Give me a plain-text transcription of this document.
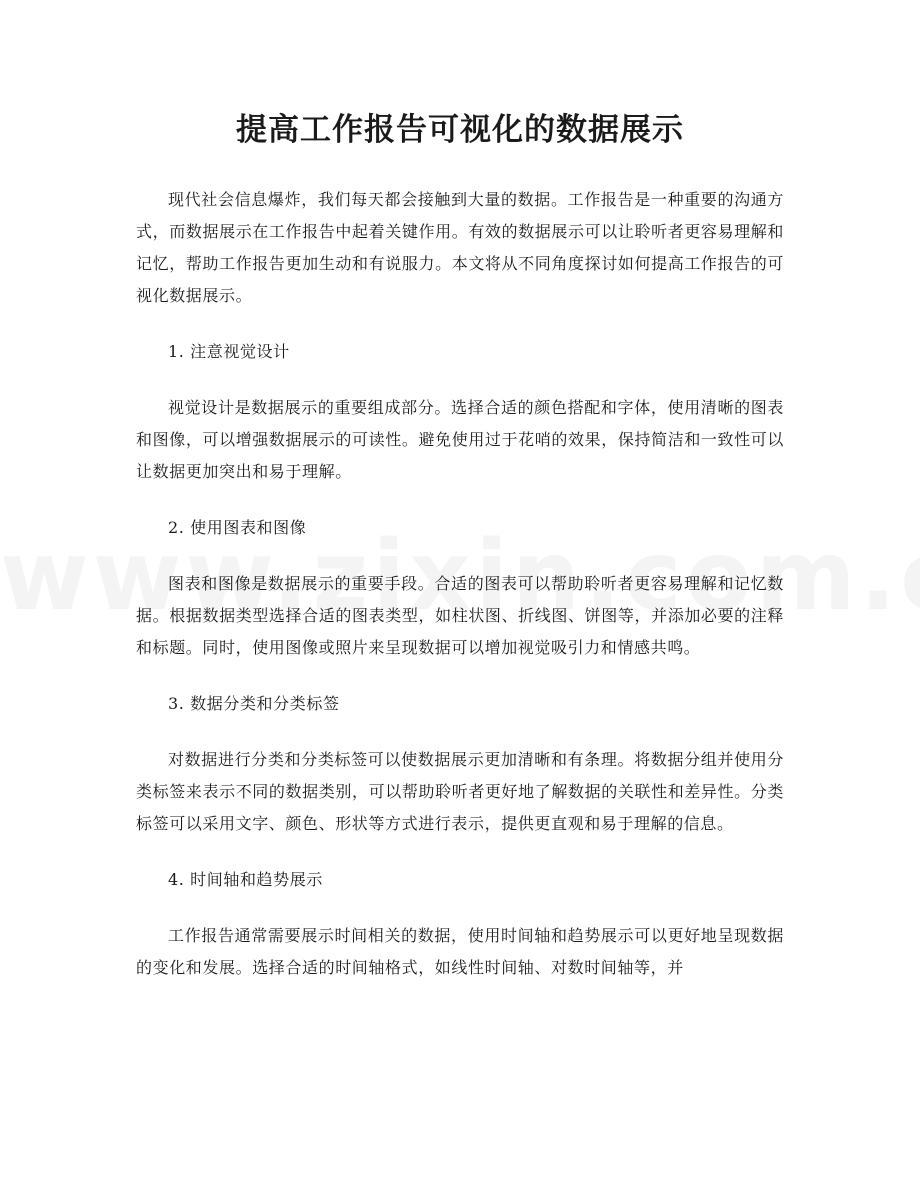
提高工作报告可视化的数据展示

现代社会信息爆炸，我们每天都会接触到大量的数据。工作报告是一种重要的沟通方式，而数据展示在工作报告中起着关键作用。有效的数据展示可以让聆听者更容易理解和记忆，帮助工作报告更加生动和有说服力。本文将从不同角度探讨如何提高工作报告的可视化数据展示。

1. 注意视觉设计

视觉设计是数据展示的重要组成部分。选择合适的颜色搭配和字体，使用清晰的图表和图像，可以增强数据展示的可读性。避免使用过于花哨的效果，保持简洁和一致性可以让数据更加突出和易于理解。

2. 使用图表和图像

图表和图像是数据展示的重要手段。合适的图表可以帮助聆听者更容易理解和记忆数据。根据数据类型选择合适的图表类型，如柱状图、折线图、饼图等，并添加必要的注释和标题。同时，使用图像或照片来呈现数据可以增加视觉吸引力和情感共鸣。

3. 数据分类和分类标签

对数据进行分类和分类标签可以使数据展示更加清晰和有条理。将数据分组并使用分类标签来表示不同的数据类别，可以帮助聆听者更好地了解数据的关联性和差异性。分类标签可以采用文字、颜色、形状等方式进行表示，提供更直观和易于理解的信息。

4. 时间轴和趋势展示

工作报告通常需要展示时间相关的数据，使用时间轴和趋势展示可以更好地呈现数据的变化和发展。选择合适的时间轴格式，如线性时间轴、对数时间轴等，并
